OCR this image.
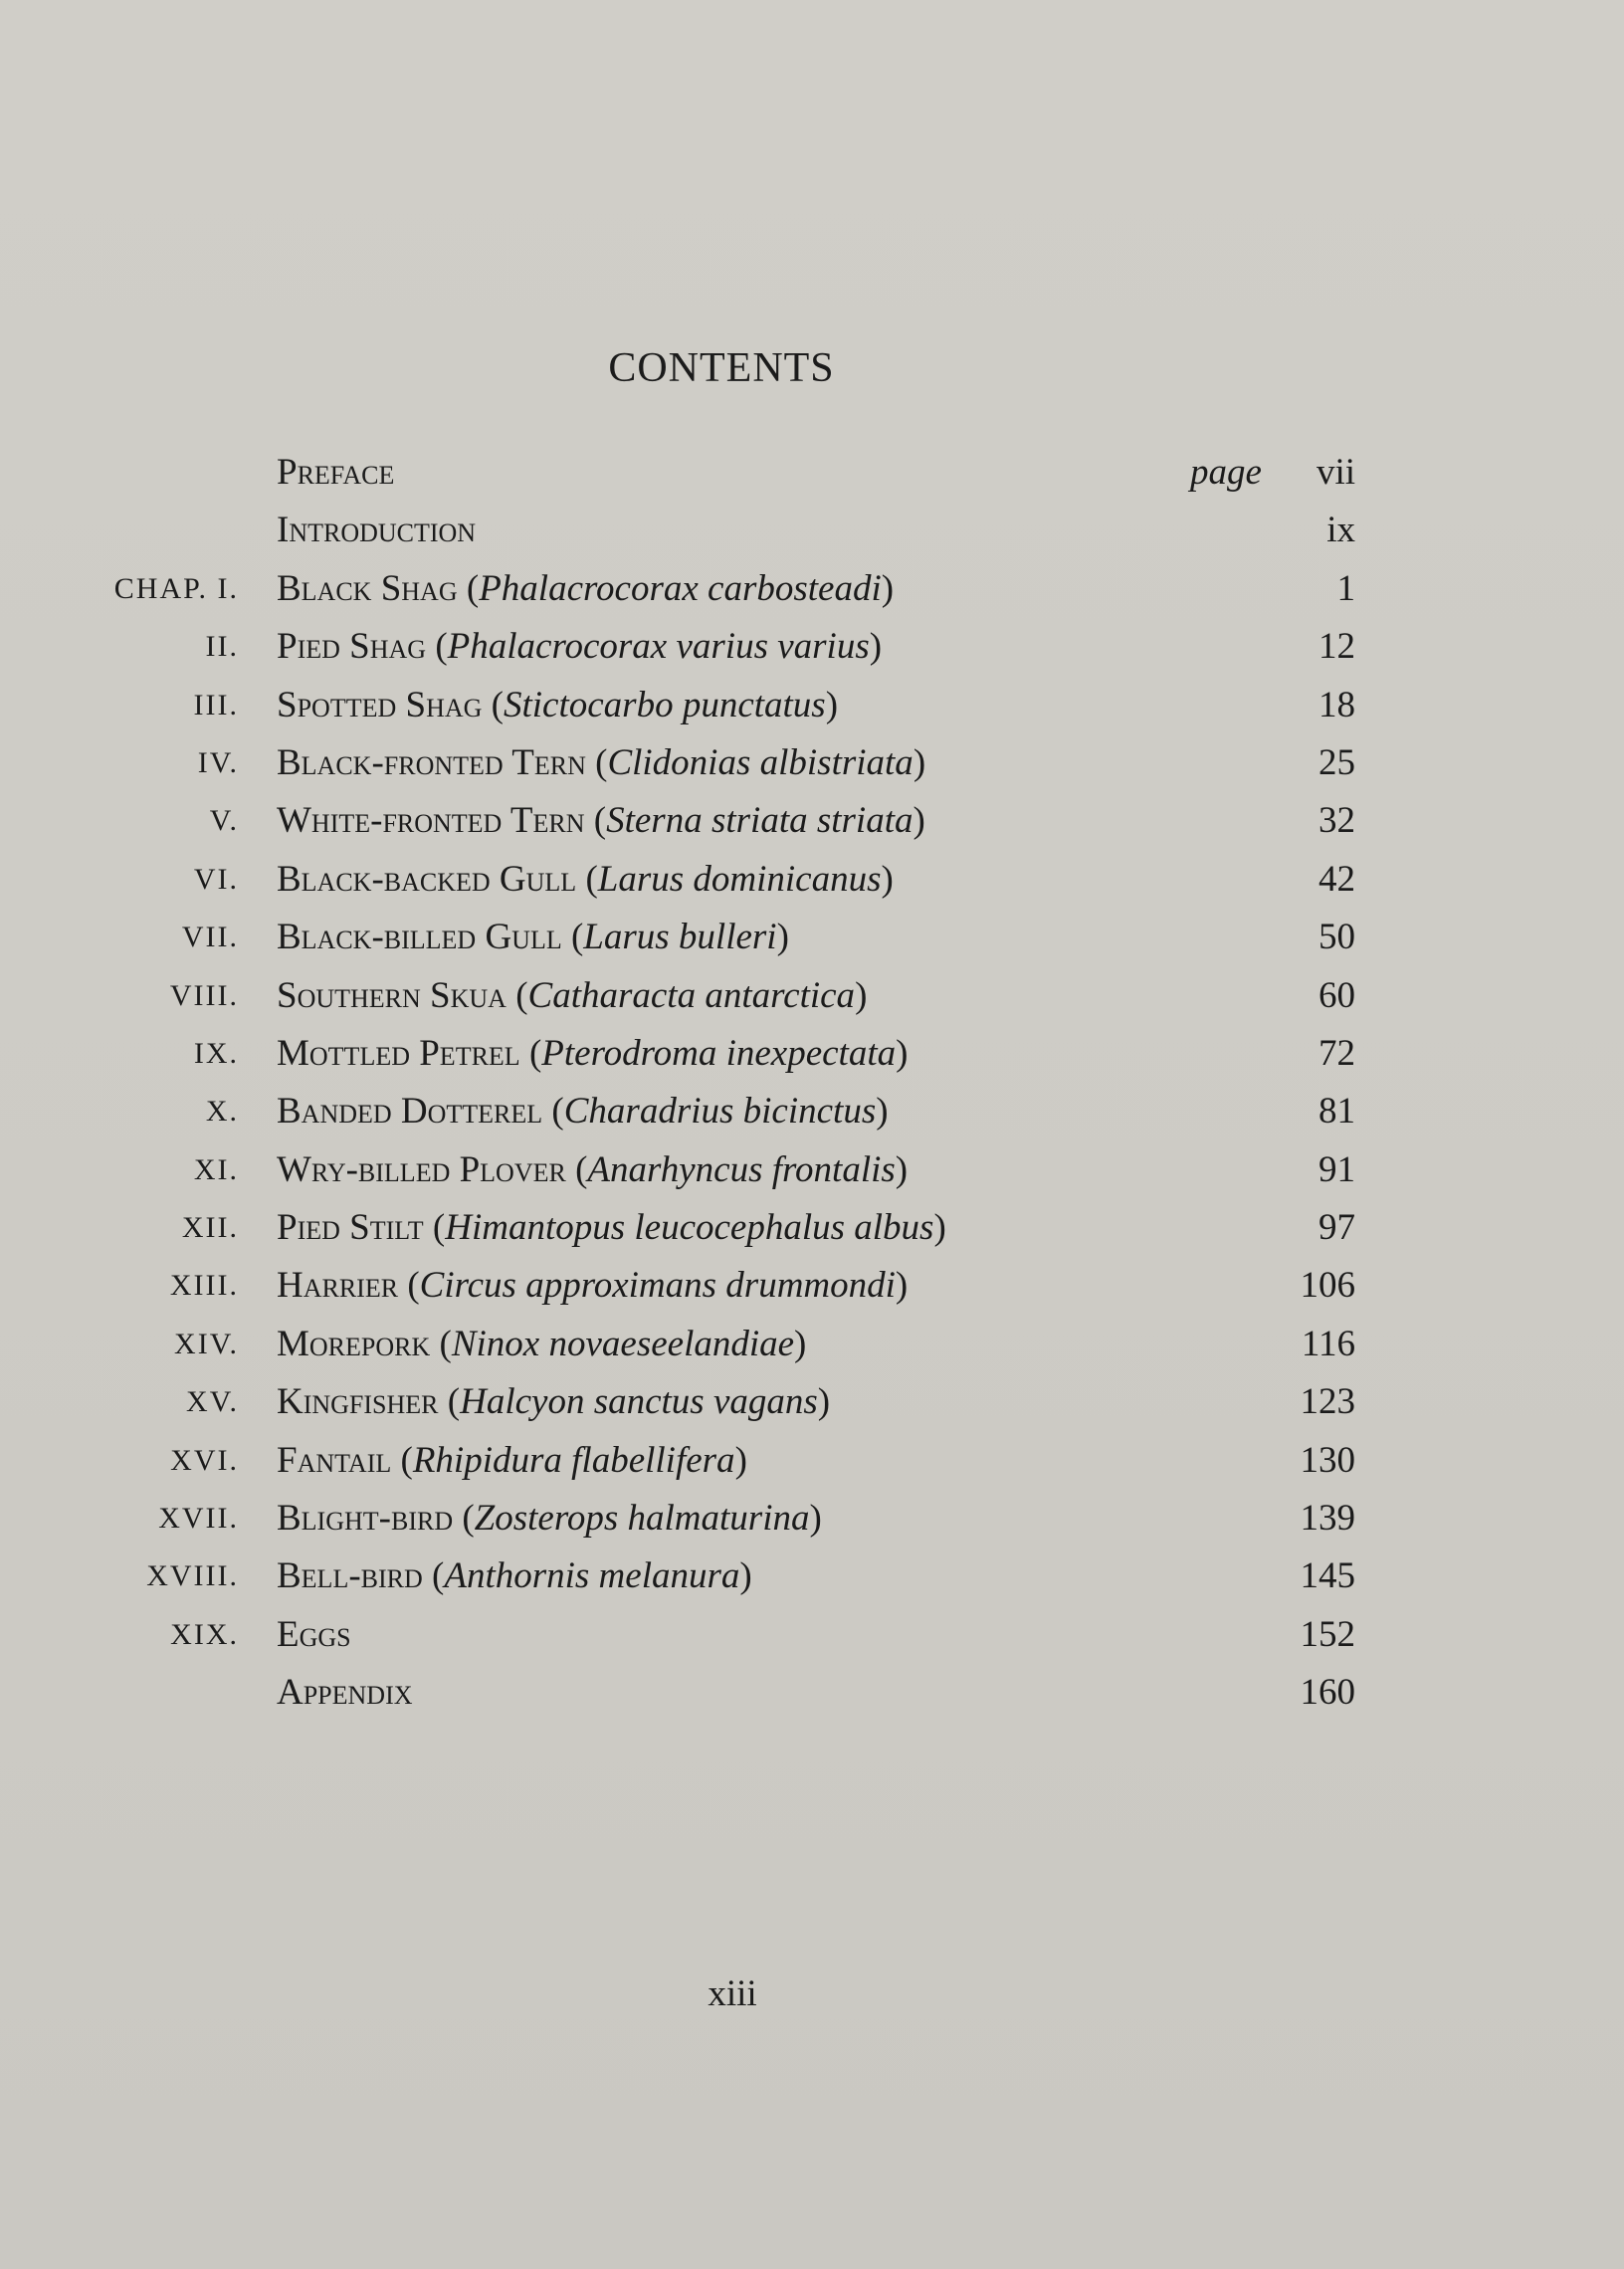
CONTENTS
Preface	page vii
Introduction	ix
CHAP. I. Black Shag (Phalacrocorax carbosteadi)	1
II. Pied Shag (Phalacrocorax varius varius)	12
III. Spotted Shag (Stictocarbo punctatus)	18
IV. Black-fronted Tern (Clidonias albistriata)	25
V. White-fronted Tern (Sterna striata striata)	32
VI. Black-backed Gull (Larus dominicanus)	42
VII. Black-billed Gull (Larus bulleri)	50
VIII. Southern Skua (Catharacta antarctica)	60
IX. Mottled Petrel (Pterodroma inexpectata)	72
X. Banded Dotterel (Charadrius bicinctus)	81
XI. Wry-billed Plover (Anarhyncus frontalis)	91
XII. Pied Stilt (Himantopus leucocephalus albus)	97
XIII. Harrier (Circus approximans drummondi)	106
XIV. Morepork (Ninox novaeseelandiae)	116
XV. Kingfisher (Halcyon sanctus vagans)	123
XVI. Fantail (Rhipidura flabellifera)	130
XVII. Blight-bird (Zosterops halmaturina)	139
XVIII. Bell-bird (Anthornis melanura)	145
XIX. Eggs	152
Appendix	160
xiii
